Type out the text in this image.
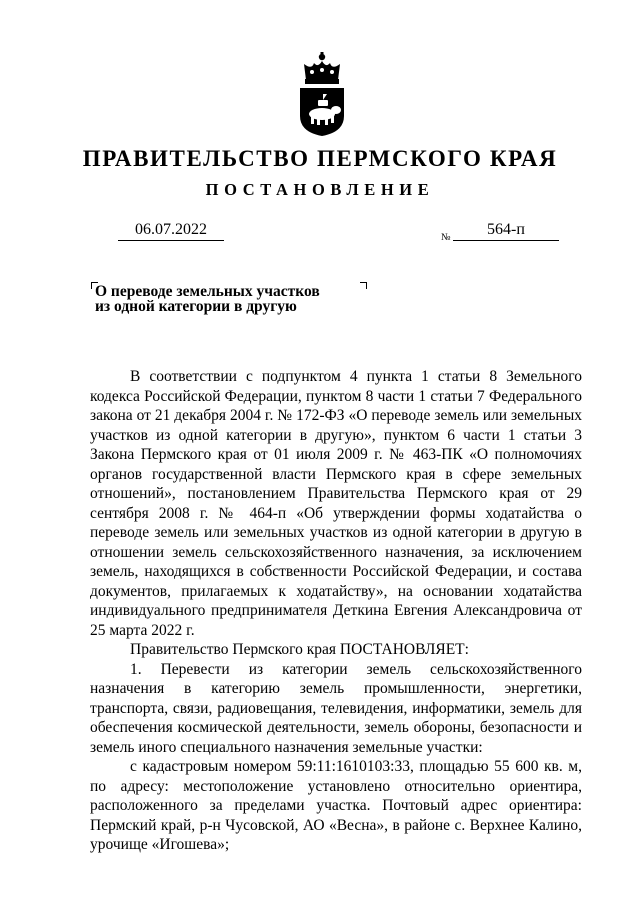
ПРАВИТЕЛЬСТВО ПЕРМСКОГО КРАЯ
ПОСТАНОВЛЕНИЕ
06.07.2022	№	564-п
О переводе земельных участков
из одной категории в другую

В соответствии с подпунктом 4 пункта 1 статьи 8 Земельного кодекса Российской Федерации, пунктом 8 части 1 статьи 7 Федерального закона от 21 декабря 2004 г. № 172-ФЗ «О переводе земель или земельных участков из одной категории в другую», пунктом 6 части 1 статьи 3 Закона Пермского края от 01 июля 2009 г. № 463-ПК «О полномочиях органов государственной власти Пермского края в сфере земельных отношений», постановлением Правительства Пермского края от 29 сентября 2008 г. № 464-п «Об утверждении формы ходатайства о переводе земель или земельных участков из одной категории в другую в отношении земель сельскохозяйственного назначения, за исключением земель, находящихся в собственности Российской Федерации, и состава документов, прилагаемых к ходатайству», на основании ходатайства индивидуального предпринимателя Деткина Евгения Александровича от 25 марта 2022 г.

Правительство Пермского края ПОСТАНОВЛЯЕТ:

1. Перевести из категории земель сельскохозяйственного назначения в категорию земель промышленности, энергетики, транспорта, связи, радиовещания, телевидения, информатики, земель для обеспечения космической деятельности, земель обороны, безопасности и земель иного специального назначения земельные участки:

с кадастровым номером 59:11:1610103:33, площадью 55 600 кв. м, по адресу: местоположение установлено относительно ориентира, расположенного за пределами участка. Почтовый адрес ориентира: Пермский край, р-н Чусовской, АО «Весна», в районе с. Верхнее Калино, урочище «Игошева»;
